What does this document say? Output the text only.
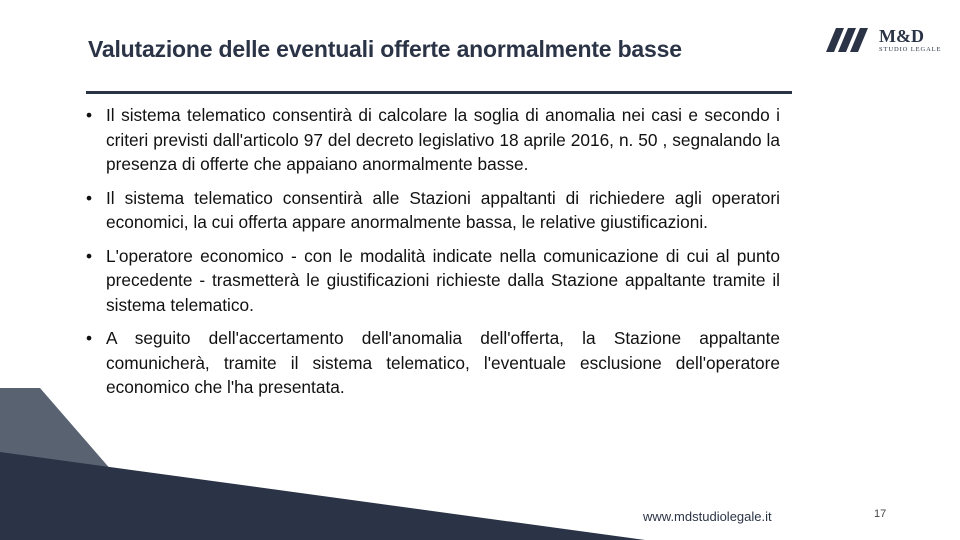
Valutazione delle eventuali offerte anormalmente basse	M&D
STUDIO LEGALE
• Il sistema telematico consentirà di calcolare la soglia di anomalia nei casi e secondo i criteri previsti dall'articolo 97 del decreto legislativo 18 aprile 2016, n. 50 , segnalando la presenza di offerte che appaiano anormalmente basse.
• Il sistema telematico consentirà alle Stazioni appaltanti di richiedere agli operatori economici, la cui offerta appare anormalmente bassa, le relative giustificazioni.
• L'operatore economico - con le modalità indicate nella comunicazione di cui al punto precedente - trasmetterà le giustificazioni richieste dalla Stazione appaltante tramite il sistema telematico.
• A seguito dell'accertamento dell'anomalia dell'offerta, la Stazione appaltante comunicherà, tramite il sistema telematico, l'eventuale esclusione dell'operatore economico che l'ha presentata.
www.mdstudiolegale.it	17
